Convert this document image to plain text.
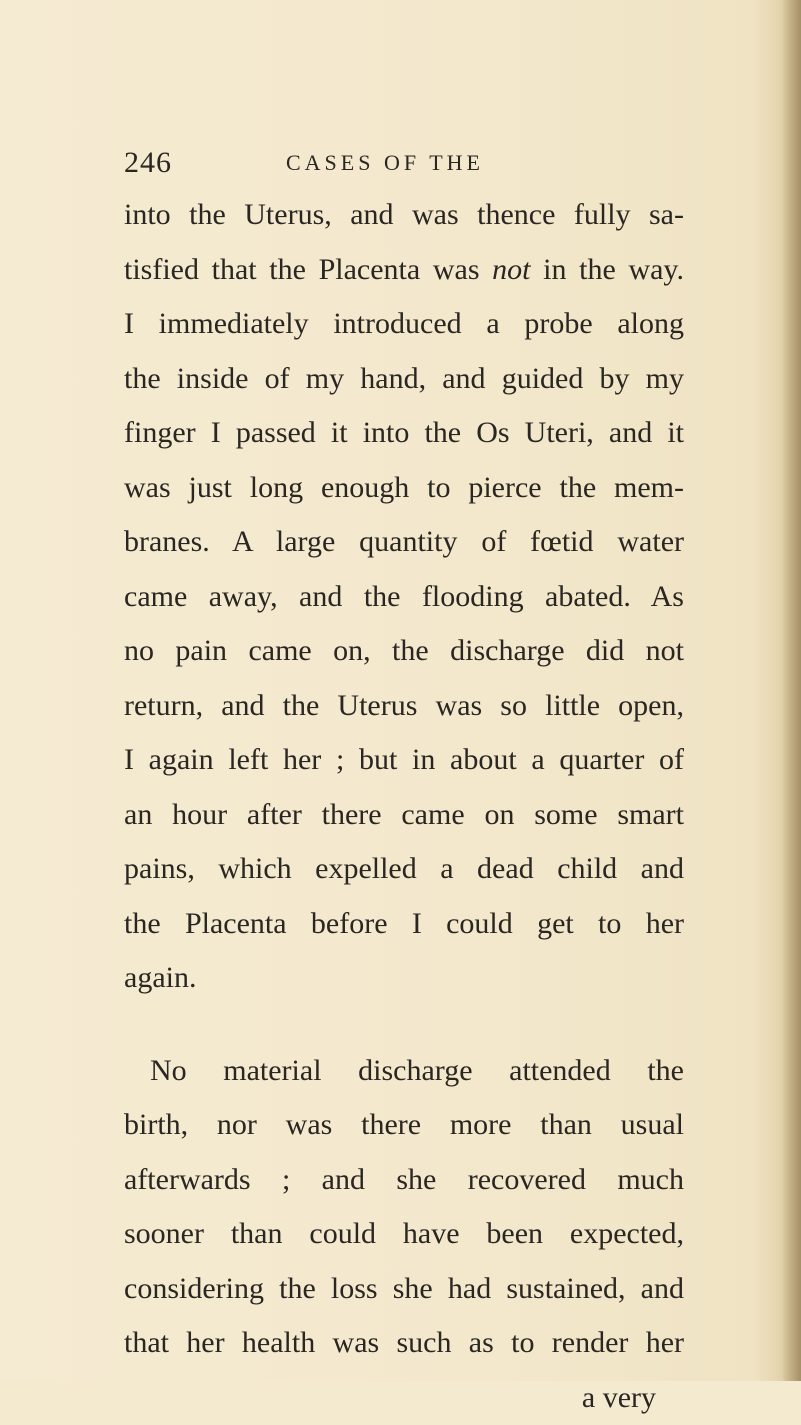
246	CASES OF THE
into the Uterus, and was thence fully sa-
tisfied that the Placenta was not in the way.
I immediately introduced a probe along
the inside of my hand, and guided by my
finger I passed it into the Os Uteri, and it
was just long enough to pierce the mem-
branes. A large quantity of fœtid water
came away, and the flooding abated. As
no pain came on, the discharge did not
return, and the Uterus was so little open,
I again left her ; but in about a quarter of
an hour after there came on some smart
pains, which expelled a dead child and
the Placenta before I could get to her
again.
No material discharge attended the
birth, nor was there more than usual
afterwards ; and she recovered much
sooner than could have been expected,
considering the loss she had sustained, and
that her health was such as to render her
a very
